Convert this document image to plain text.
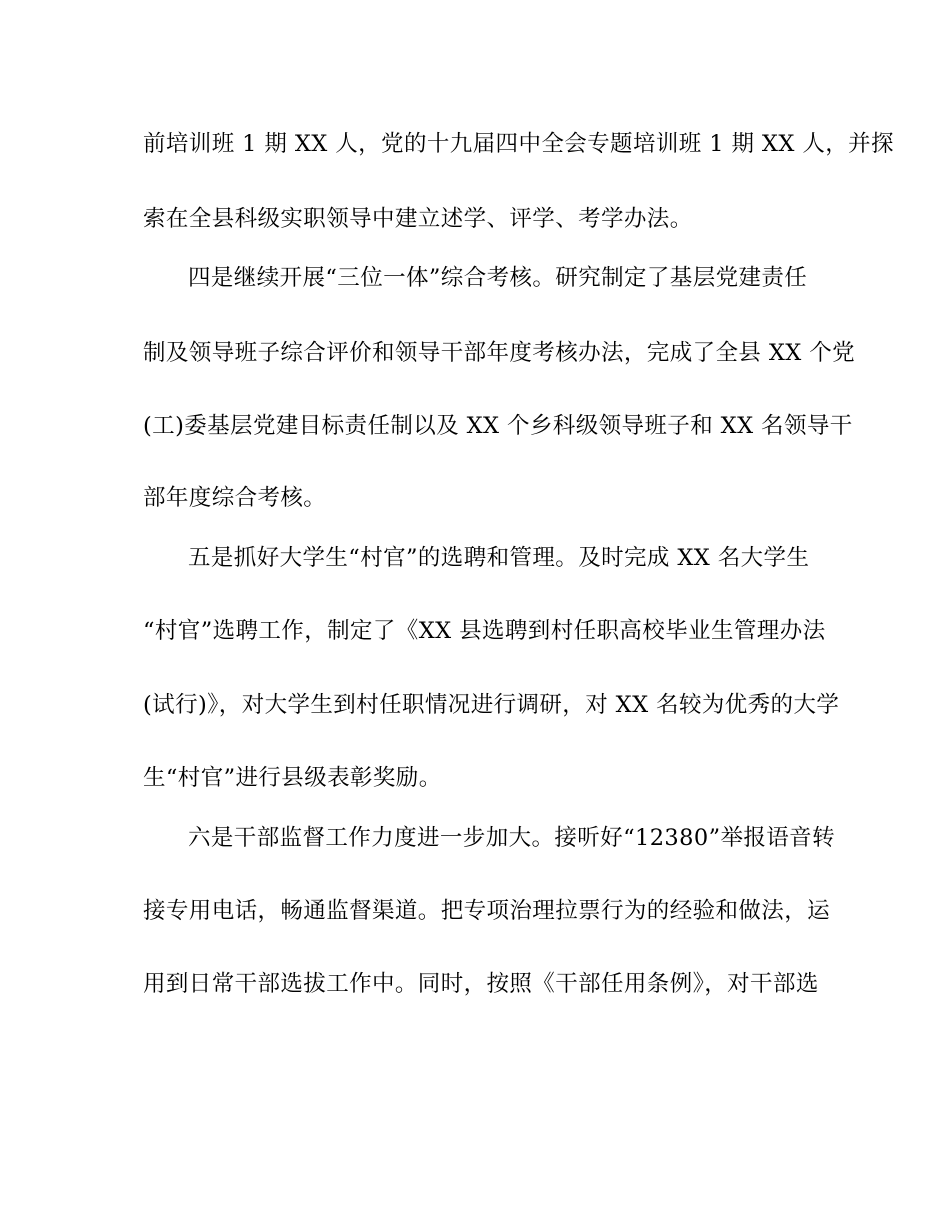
前培训班 1 期 XX 人，党的十九届四中全会专题培训班 1 期 XX 人，并探
索在全县科级实职领导中建立述学、评学、考学办法。
四是继续开展“三位一体”综合考核。研究制定了基层党建责任
制及领导班子综合评价和领导干部年度考核办法，完成了全县 XX 个党
(工)委基层党建目标责任制以及 XX 个乡科级领导班子和 XX 名领导干
部年度综合考核。
五是抓好大学生“村官”的选聘和管理。及时完成 XX 名大学生
“村官”选聘工作，制定了《XX 县选聘到村任职高校毕业生管理办法
(试行)》，对大学生到村任职情况进行调研，对 XX 名较为优秀的大学
生“村官”进行县级表彰奖励。
六是干部监督工作力度进一步加大。接听好“12380”举报语音转
接专用电话，畅通监督渠道。把专项治理拉票行为的经验和做法，运
用到日常干部选拔工作中。同时，按照《干部任用条例》，对干部选
